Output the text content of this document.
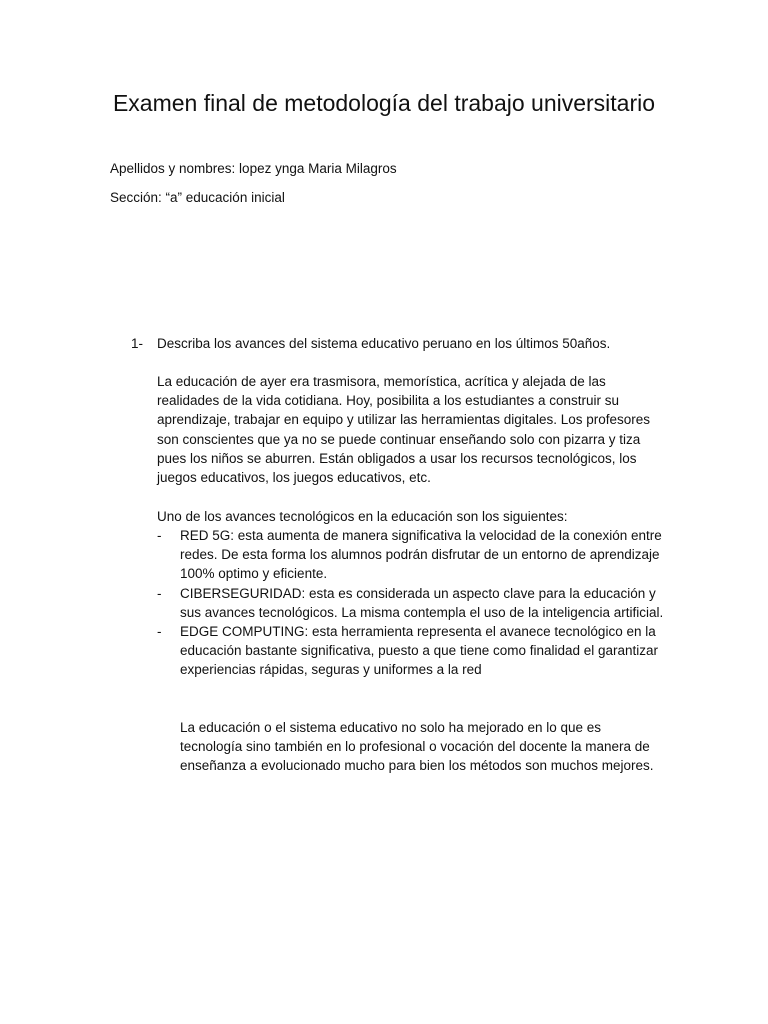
Examen final de metodología del trabajo universitario

Apellidos y nombres: lopez ynga Maria Milagros

Sección: “a” educación inicial

1- Describa los avances del sistema educativo peruano en los últimos 50años.

La educación de ayer era trasmisora, memorística, acrítica y alejada de las realidades de la vida cotidiana. Hoy, posibilita a los estudiantes a construir su aprendizaje, trabajar en equipo y utilizar las herramientas digitales. Los profesores son conscientes que ya no se puede continuar enseñando solo con pizarra y tiza pues los niños se aburren. Están obligados a usar los recursos tecnológicos, los juegos educativos, los juegos educativos, etc.

Uno de los avances tecnológicos en la educación son los siguientes:

- RED 5G: esta aumenta de manera significativa la velocidad de la conexión entre redes. De esta forma los alumnos podrán disfrutar de un entorno de aprendizaje 100% optimo y eficiente.
- CIBERSEGURIDAD: esta es considerada un aspecto clave para la educación y sus avances tecnológicos. La misma contempla el uso de la inteligencia artificial.
- EDGE COMPUTING: esta herramienta representa el avanece tecnológico en la educación bastante significativa, puesto a que tiene como finalidad el garantizar experiencias rápidas, seguras y uniformes a la red

La educación o el sistema educativo no solo ha mejorado en lo que es tecnología sino también en lo profesional o vocación del docente la manera de enseñanza a evolucionado mucho para bien los métodos son muchos mejores.
